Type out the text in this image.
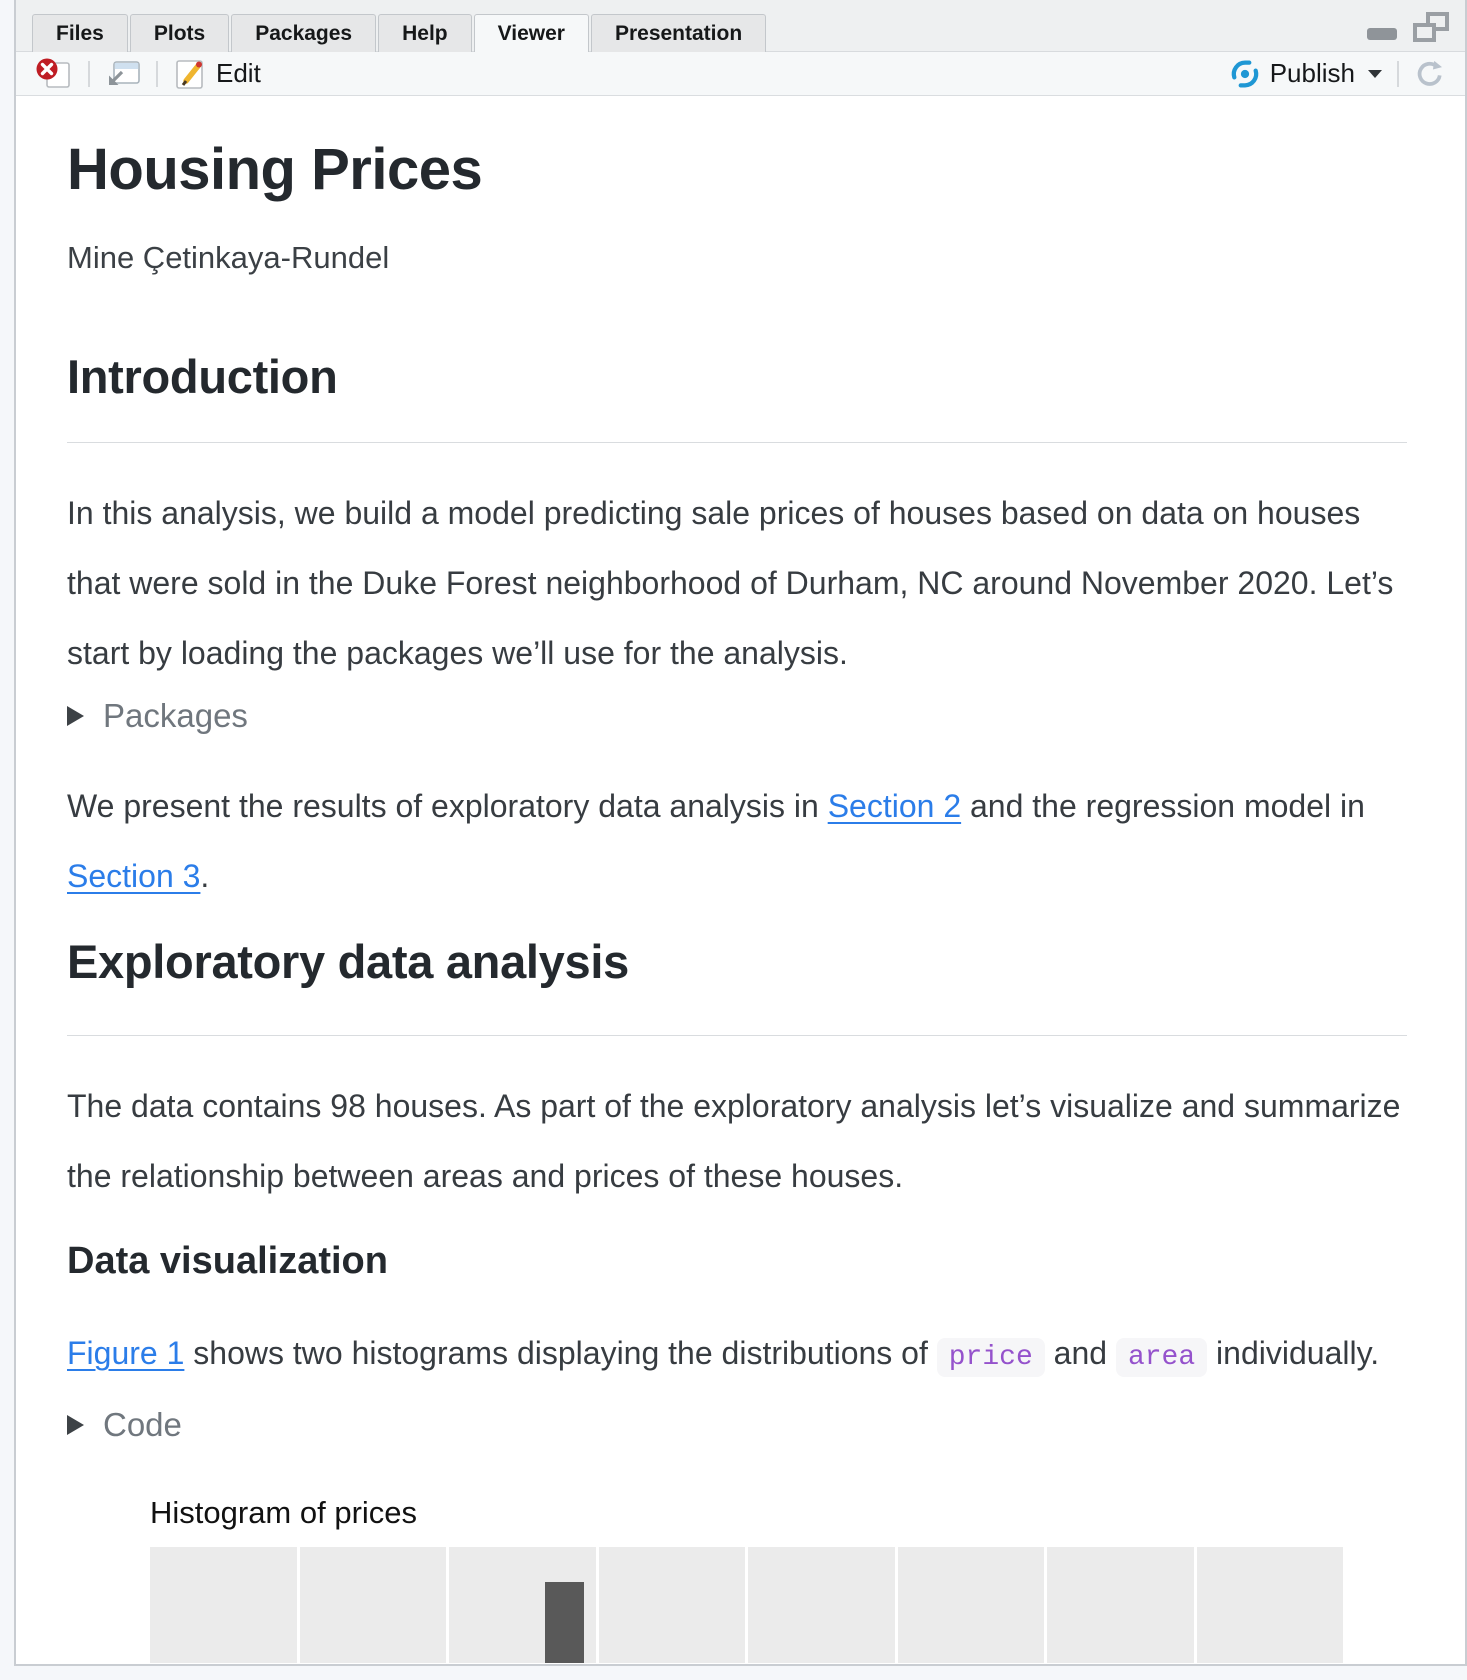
Files	Plots	Packages	Help	Viewer	Presentation
Edit	Publish
Housing Prices

Mine Çetinkaya-Rundel

Introduction

In this analysis, we build a model predicting sale prices of houses based on data on houses that were sold in the Duke Forest neighborhood of Durham, NC around November 2020. Let’s start by loading the packages we’ll use for the analysis.

Packages

We present the results of exploratory data analysis in Section 2 and the regression model in Section 3.

Exploratory data analysis

The data contains 98 houses. As part of the exploratory analysis let’s visualize and summarize the relationship between areas and prices of these houses.

Data visualization

Figure 1 shows two histograms displaying the distributions of price and area individually.

Code
Histogram of prices
